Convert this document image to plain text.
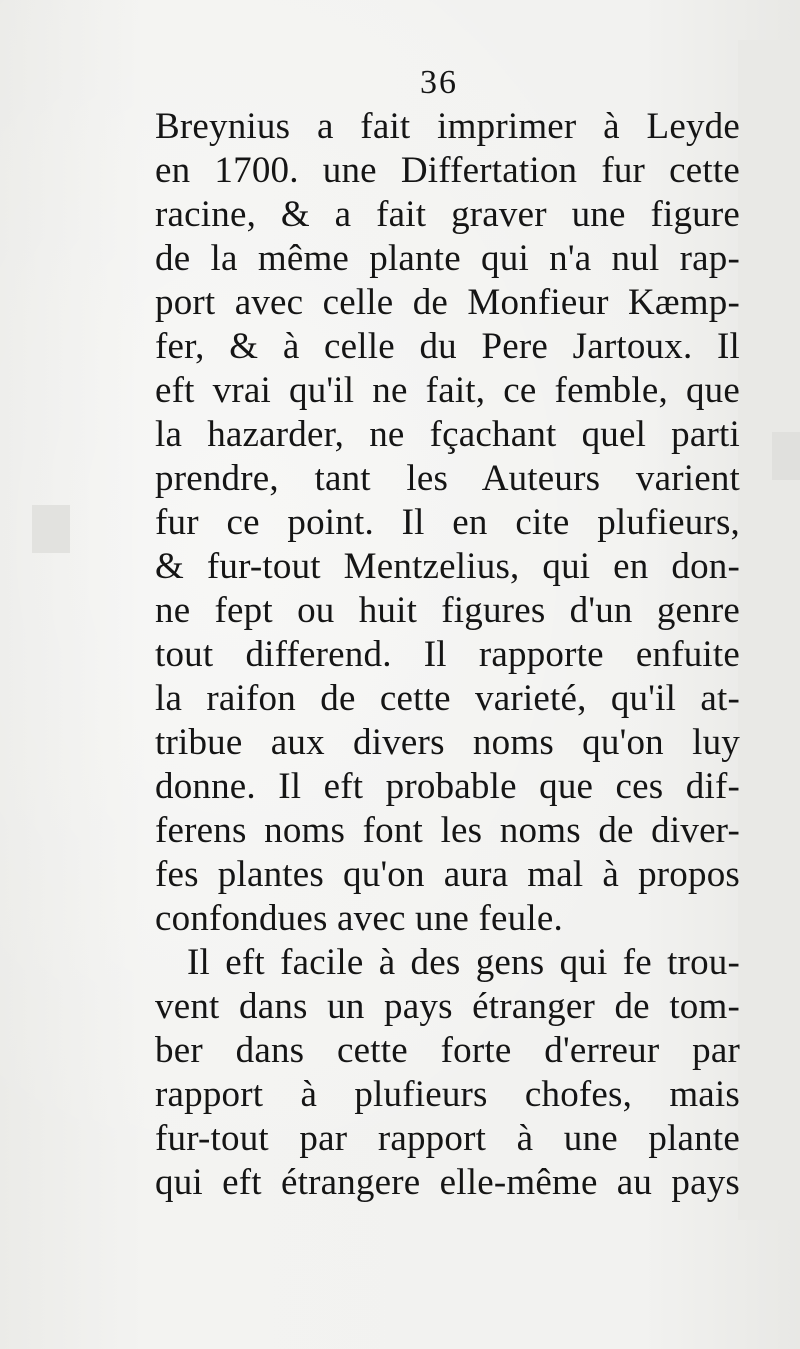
36
Breynius a fait imprimer à Leyde
en 1700. une Differtation fur cette
racine, & a fait graver une figure
de la même plante qui n'a nul rap-
port avec celle de Monfieur Kæmp-
fer, & à celle du Pere Jartoux. Il
eft vrai qu'il ne fait, ce femble, que
la hazarder, ne fçachant quel parti
prendre, tant les Auteurs varient
fur ce point. Il en cite plufieurs,
& fur-tout Mentzelius, qui en don-
ne fept ou huit figures d'un genre
tout differend. Il rapporte enfuite
la raifon de cette varieté, qu'il at-
tribue aux divers noms qu'on luy
donne. Il eft probable que ces dif-
ferens noms font les noms de diver-
fes plantes qu'on aura mal à propos
confondues avec une feule.
Il eft facile à des gens qui fe trou-
vent dans un pays étranger de tom-
ber dans cette forte d'erreur par
rapport à plufieurs chofes, mais
fur-tout par rapport à une plante
qui eft étrangere elle-même au pays
